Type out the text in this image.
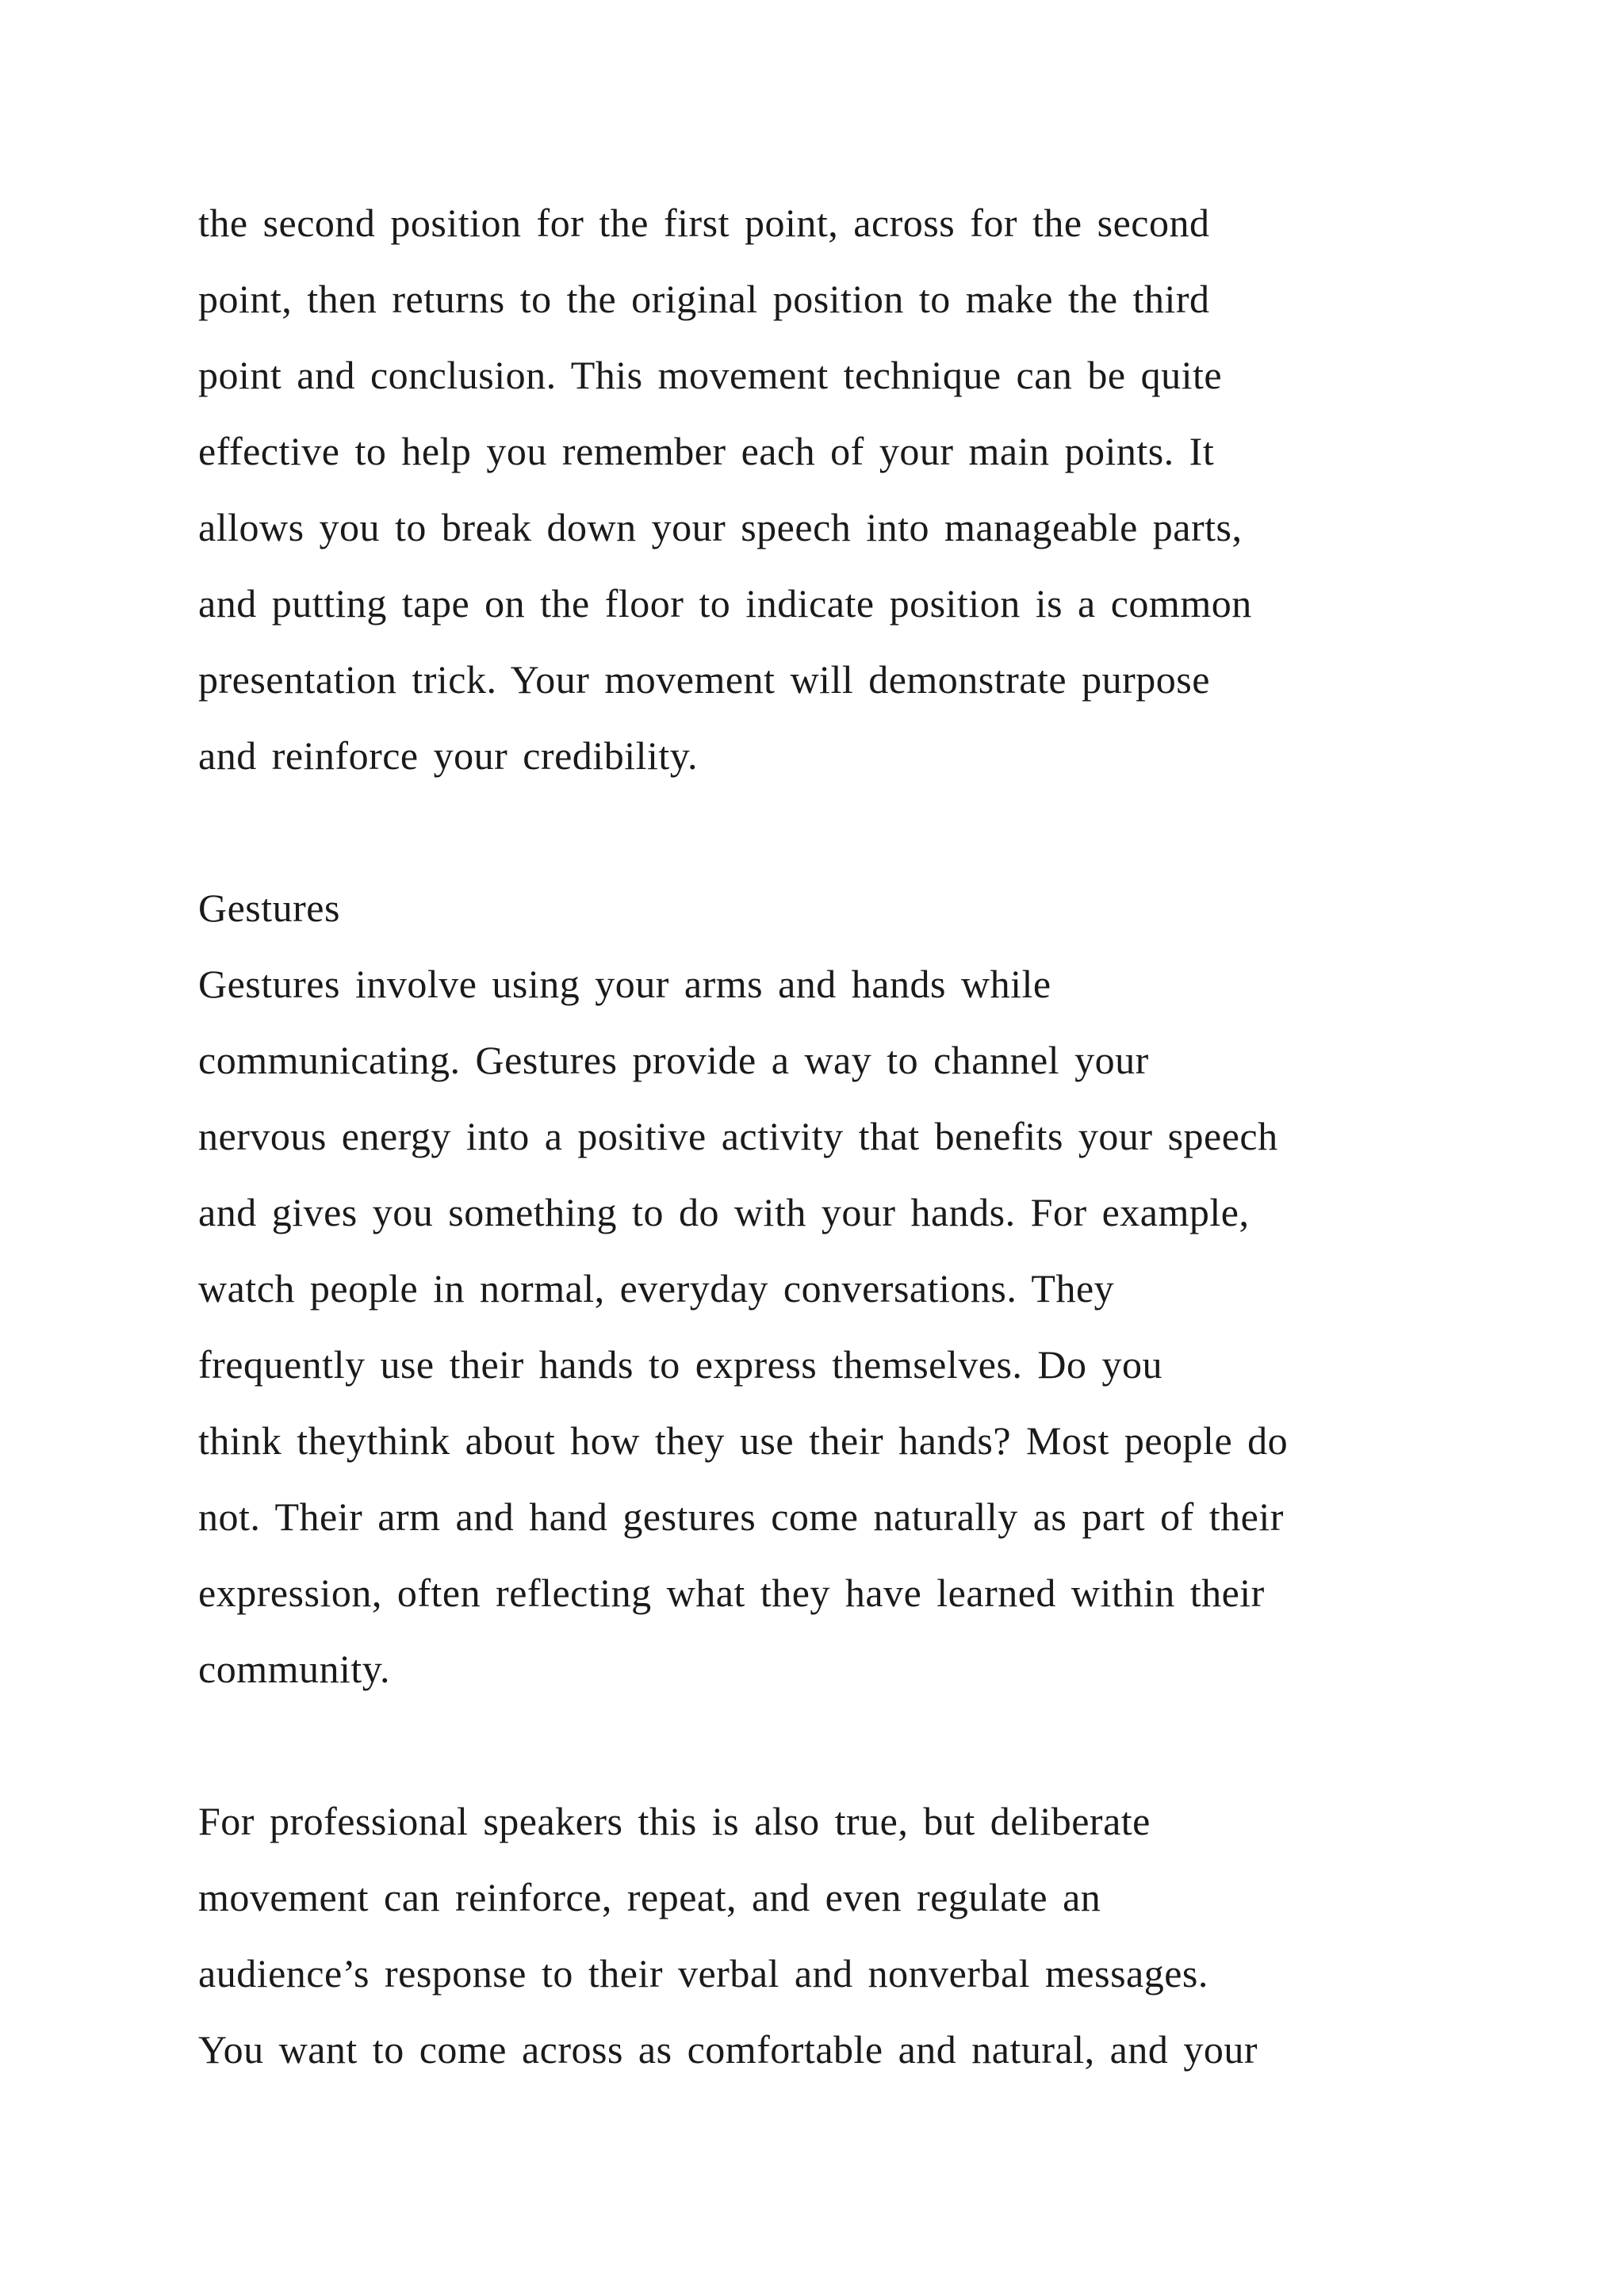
the second position for the first point, across for the second
point, then returns to the original position to make the third
point and conclusion. This movement technique can be quite
effective to help you remember each of your main points. It
allows you to break down your speech into manageable parts,
and putting tape on the floor to indicate position is a common
presentation trick. Your movement will demonstrate purpose
and reinforce your credibility.
Gestures
Gestures involve using your arms and hands while
communicating. Gestures provide a way to channel your
nervous energy into a positive activity that benefits your speech
and gives you something to do with your hands. For example,
watch people in normal, everyday conversations. They
frequently use their hands to express themselves. Do you
think theythink about how they use their hands? Most people do
not. Their arm and hand gestures come naturally as part of their
expression, often reflecting what they have learned within their
community.
For professional speakers this is also true, but deliberate
movement can reinforce, repeat, and even regulate an
audience’s response to their verbal and nonverbal messages.
You want to come across as comfortable and natural, and your
